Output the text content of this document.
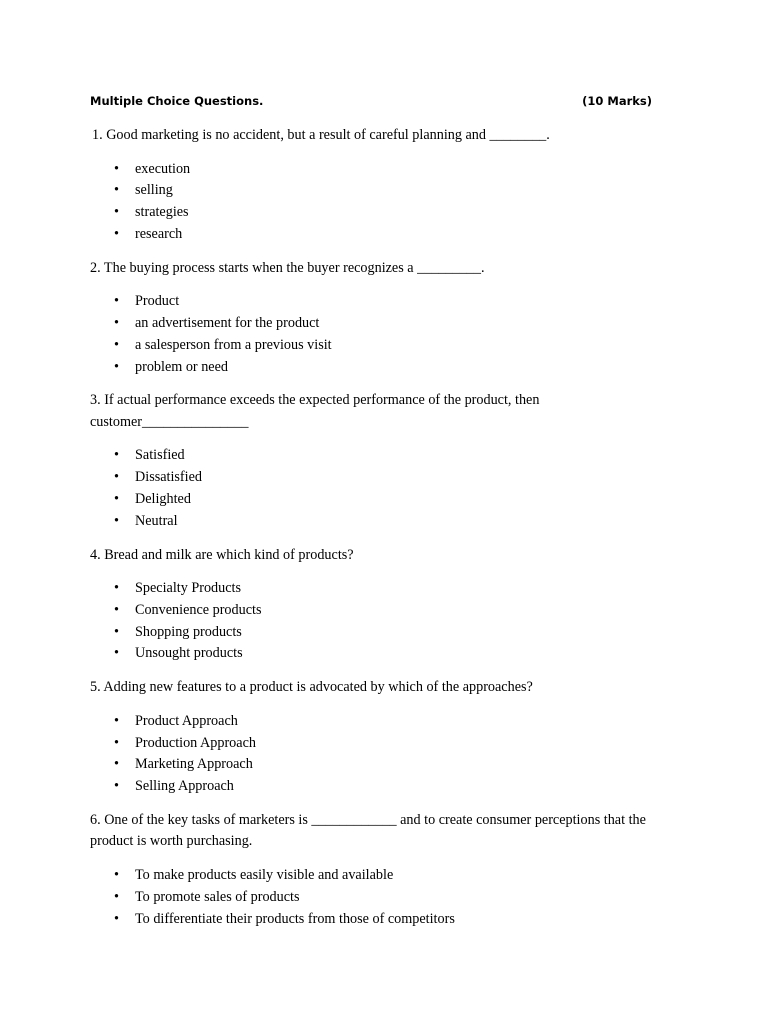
Multiple Choice Questions.	(10 Marks)

1. Good marketing is no accident, but a result of careful planning and ________.

• execution
• selling
• strategies
• research

2. The buying process starts when the buyer recognizes a _________.

• Product
• an advertisement for the product
• a salesperson from a previous visit
• problem or need

3. If actual performance exceeds the expected performance of the product, then customer_______________

• Satisfied
• Dissatisfied
• Delighted
• Neutral

4. Bread and milk are which kind of products?

• Specialty Products
• Convenience products
• Shopping products
• Unsought products

5. Adding new features to a product is advocated by which of the approaches?

• Product Approach
• Production Approach
• Marketing Approach
• Selling Approach

6. One of the key tasks of marketers is ____________ and to create consumer perceptions that the product is worth purchasing.

• To make products easily visible and available
• To promote sales of products
• To differentiate their products from those of competitors
